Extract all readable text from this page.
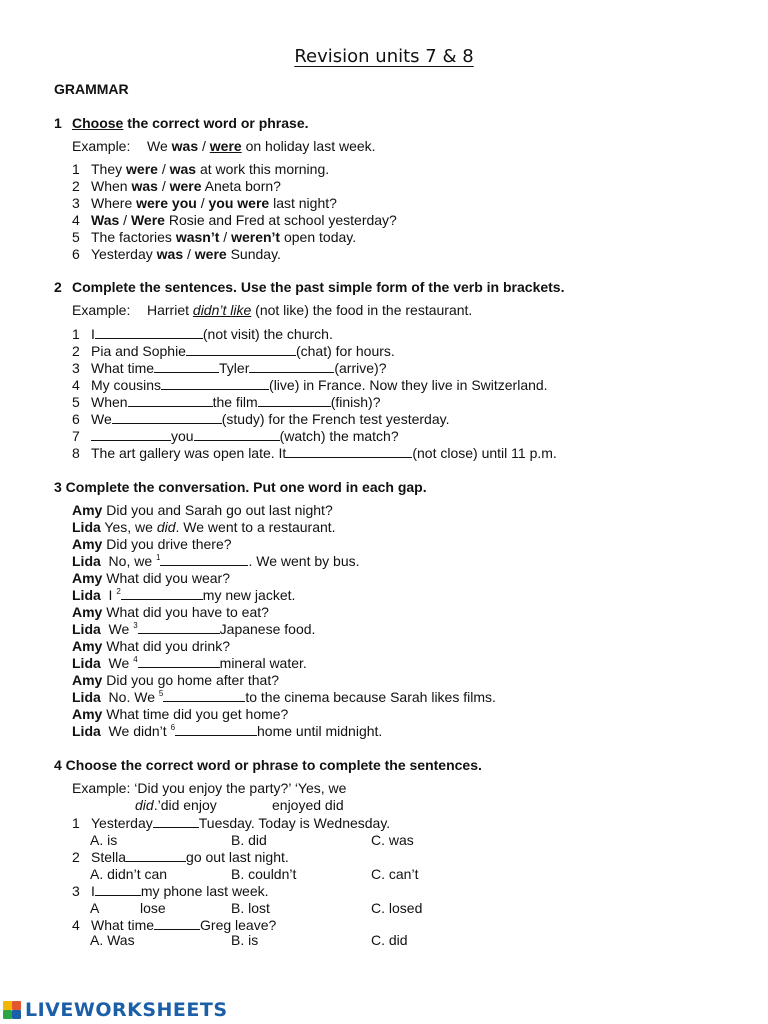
Revision units 7 & 8
GRAMMAR
1 Choose the correct word or phrase.
Example: We was / were on holiday last week.
1 They were / was at work this morning.
2 When was / were Aneta born?
3 Where were you / you were last night?
4 Was / Were Rosie and Fred at school yesterday?
5 The factories wasn’t / weren’t open today.
6 Yesterday was / were Sunday.
2 Complete the sentences. Use the past simple form of the verb in brackets.
Example: Harriet didn’t like (not like) the food in the restaurant.
1 I	(not visit) the church.
2 Pia and Sophie	(chat) for hours.
3 What time	Tyler	(arrive)?
4 My cousins	(live) in France. Now they live in Switzerland.
5 When	the film	(finish)?
6 We	(study) for the French test yesterday.
7	you	(watch) the match?
8 The art gallery was open late. It	(not close) until 11 p.m.
3 Complete the conversation. Put one word in each gap.
Amy Did you and Sarah go out last night?
Lida Yes, we did. We went to a restaurant.
Amy Did you drive there?
Lida  No, we $^1$	. We went by bus.
Amy What did you wear?
Lida  I $^2$	my new jacket.
Amy What did you have to eat?
Lida  We $^3$	Japanese food.
Amy What did you drink?
Lida  We $^4$	mineral water.
Amy Did you go home after that?
Lida  No. We $^5$	to the cinema because Sarah likes films.
Amy What time did you get home?
Lida  We didn’t $^6$	home until midnight.
4 Choose the correct word or phrase to complete the sentences.
Example: ‘Did you enjoy the party?’ ‘Yes, we
did.’did enjoy	enjoyed did
1 Yesterday	Tuesday. Today is Wednesday.
A. is	B. did	C. was
2 Stella	go out last night.
A. didn’t can	B. couldn’t	C. can’t
3 I	my phone last week.
A	lose	B. lost	C. losed
4 What time	Greg leave?
A. Was	B. is	C. did
LIVEWORKSHEETS
